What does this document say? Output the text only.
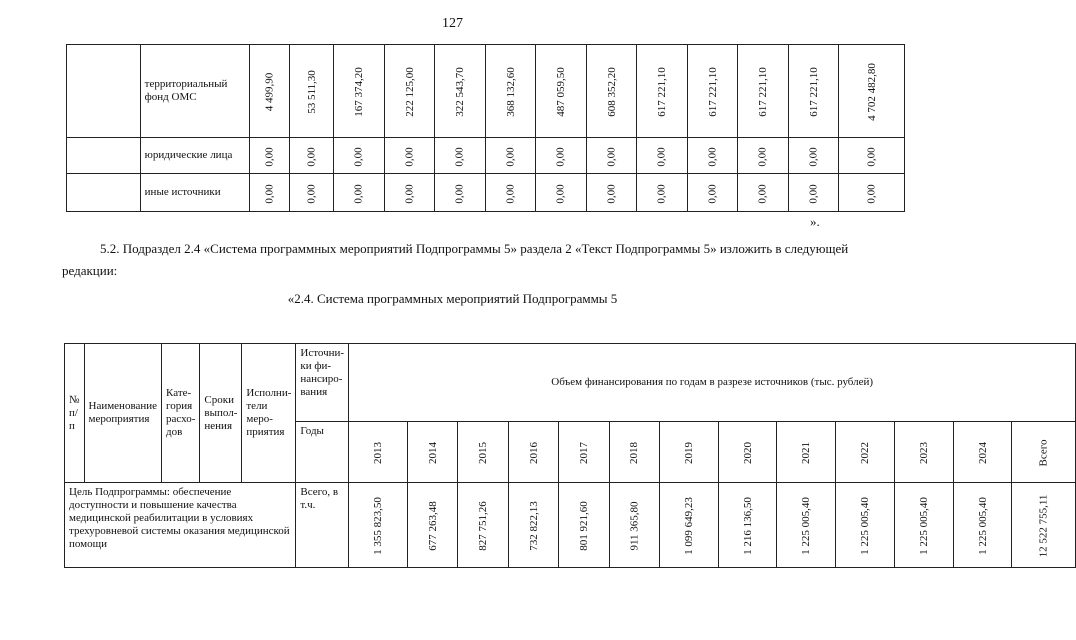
127
	территориальный фонд ОМС	4 499,90	53 511,30	167 374,20	222 125,00	322 543,70	368 132,60	487 059,50	608 352,20	617 221,10	617 221,10	617 221,10	617 221,10	4 702 482,80
	юридические лица	0,00	0,00	0,00	0,00	0,00	0,00	0,00	0,00	0,00	0,00	0,00	0,00	0,00
	иные источники	0,00	0,00	0,00	0,00	0,00	0,00	0,00	0,00	0,00	0,00	0,00	0,00	0,00
».
5.2. Подраздел 2.4 «Система программных мероприятий Подпрограммы 5» раздела 2 «Текст Подпрограммы 5» изложить в следующей редакции:
«2.4. Система программных мероприятий Подпрограммы 5
№ п/п	Наименование мероприятия	Кате-гория расхо-дов	Сроки выпол-нения	Исполни-тели меро-приятия	Источни-ки фи-нансиро-вания	Объем финансирования по годам в разрезе источников (тыс. рублей)												
					Годы	2013	2014	2015	2016	2017	2018	2019	2020	2021	2022	2023	2024	Всего
Цель Подпрограммы: обеспечение доступности и повышение качества медицинской реабилитации в условиях трехуровневой системы оказания медицинской помощи					Всего, в т.ч.	1 355 823,50	677 263,48	827 751,26	732 822,13	801 921,60	911 365,80	1 099 649,23	1 216 136,50	1 225 005,40	1 225 005,40	1 225 005,40	1 225 005,40	12 522 755,11
